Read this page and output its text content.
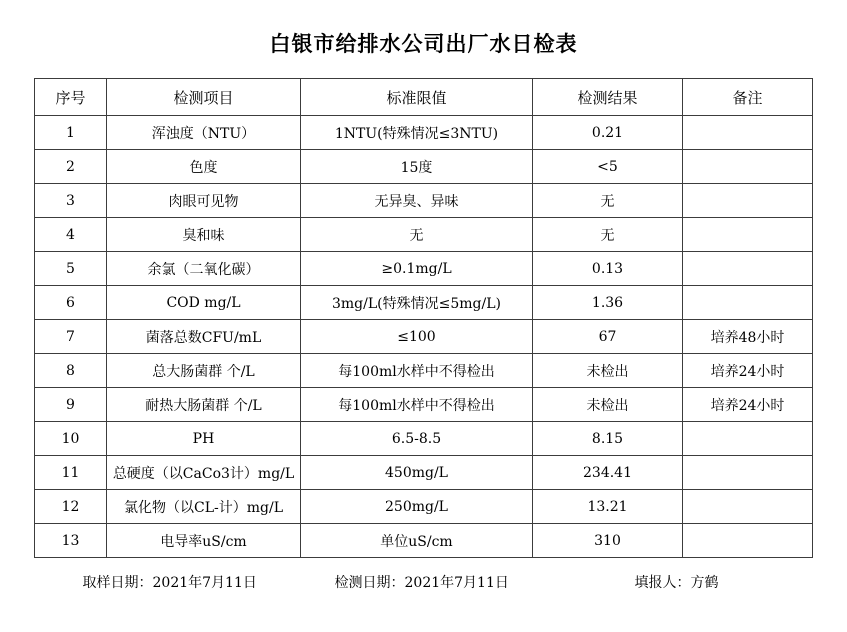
白银市给排水公司出厂水日检表
序号	检测项目	标准限值	检测结果	备注
1	浑浊度（NTU）	1NTU(特殊情况≤3NTU)	0.21	
2	色度	15度	<5	
3	肉眼可见物	无异臭、异味	无	
4	臭和味	无	无	
5	余氯（二氧化碳）	≥0.1mg/L	0.13	
6	COD mg/L	3mg/L(特殊情况≤5mg/L)	1.36	
7	菌落总数CFU/mL	≤100	67	培养48小时
8	总大肠菌群 个/L	每100ml水样中不得检出	未检出	培养24小时
9	耐热大肠菌群 个/L	每100ml水样中不得检出	未检出	培养24小时
10	PH	6.5-8.5	8.15	
11	总硬度（以CaCo3计）mg/L	450mg/L	234.41	
12	氯化物（以CL-计）mg/L	250mg/L	13.21	
13	电导率uS/cm	单位uS/cm	310	
取样日期：2021年7月11日	检测日期：2021年7月11日	填报人：方鹤
